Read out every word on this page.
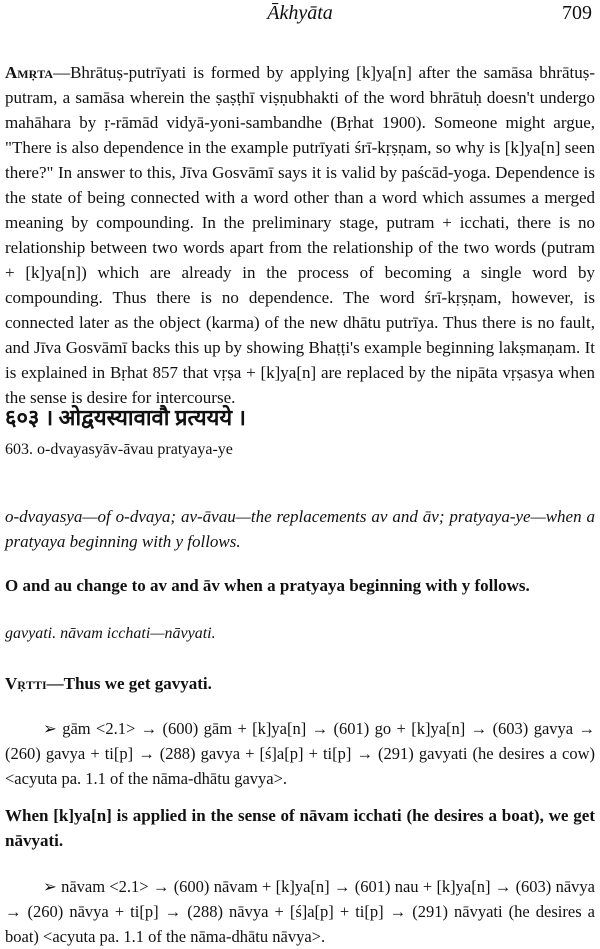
Ākhyāta	709

Amṛta—Bhrātuṣ-putrīyati is formed by applying [k]ya[n] after the samāsa bhrātuṣ-putram, a samāsa wherein the ṣaṣṭhī viṣṇubhakti of the word bhrātuḥ doesn't undergo mahāhara by ṛ-rāmād vidyā-yoni-sambandhe (Bṛhat 1900). Someone might argue, "There is also dependence in the example putrīyati śrī-kṛṣṇam, so why is [k]ya[n] seen there?" In answer to this, Jīva Gosvāmī says it is valid by paścād-yoga. Dependence is the state of being connected with a word other than a word which assumes a merged meaning by compounding. In the preliminary stage, putram + icchati, there is no relationship between two words apart from the relationship of the two words (putram + [k]ya[n]) which are already in the process of becoming a single word by compounding. Thus there is no dependence. The word śrī-kṛṣṇam, however, is connected later as the object (karma) of the new dhātu putrīya. Thus there is no fault, and Jīva Gosvāmī backs this up by showing Bhaṭṭi's example beginning lakṣmaṇam. It is explained in Bṛhat 857 that vṛṣa + [k]ya[n] are replaced by the nipāta vṛṣasya when the sense is desire for intercourse.

६०३ । ओद्वयस्यावावौ प्रत्ययये ।
603. o-dvayasyāv-āvau pratyaya-ye

o-dvayasya—of o-dvaya; av-āvau—the replacements av and āv; pratyaya-ye—when a pratyaya beginning with y follows.

O and au change to av and āv when a pratyaya beginning with y follows.
gavyati. nāvam icchati—nāvyati.
Vṛtti—Thus we get gavyati.

➢ gām <2.1> → (600) gām + [k]ya[n] → (601) go + [k]ya[n] → (603) gavya → (260) gavya + ti[p] → (288) gavya + [ś]a[p] + ti[p] → (291) gavyati (he desires a cow) <acyuta pa. 1.1 of the nāma-dhātu gavya>.

When [k]ya[n] is applied in the sense of nāvam icchati (he desires a boat), we get nāvyati.

➢ nāvam <2.1> → (600) nāvam + [k]ya[n] → (601) nau + [k]ya[n] → (603) nāvya → (260) nāvya + ti[p] → (288) nāvya + [ś]a[p] + ti[p] → (291) nāvyati (he desires a boat) <acyuta pa. 1.1 of the nāma-dhātu nāvya>.
